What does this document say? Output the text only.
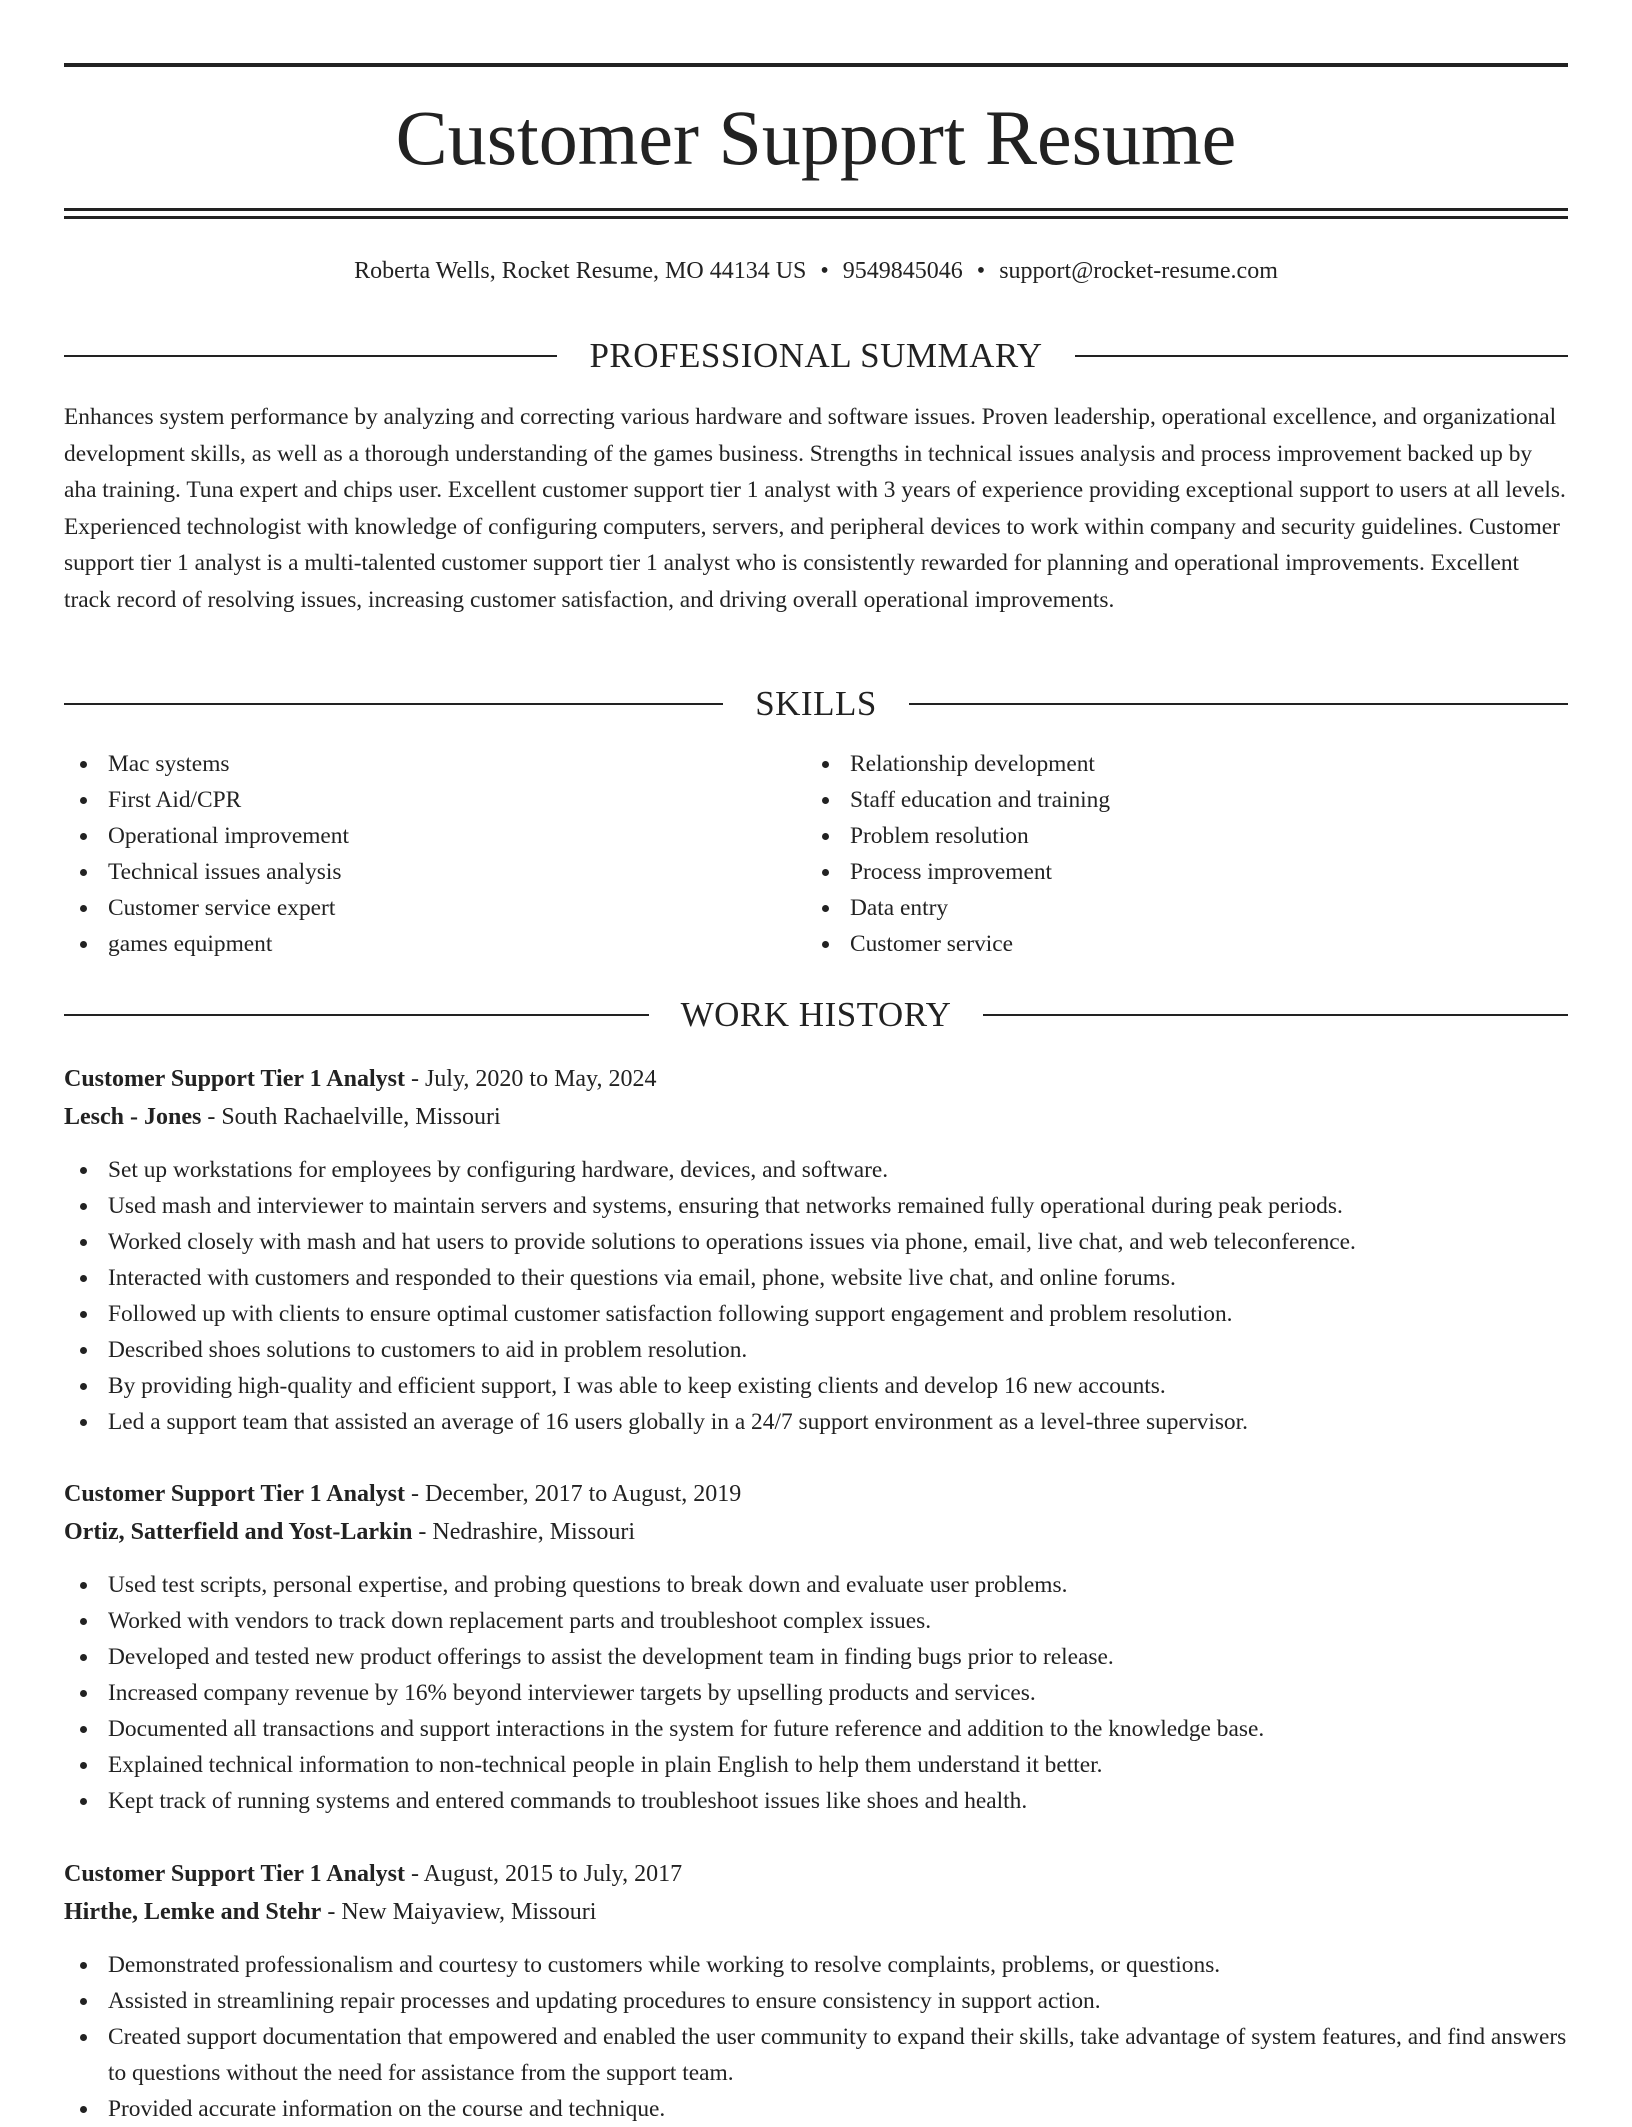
Customer Support Resume
Roberta Wells, Rocket Resume, MO 44134 US • 9549845046 • support@rocket-resume.com
PROFESSIONAL SUMMARY

Enhances system performance by analyzing and correcting various hardware and software issues. Proven leadership, operational excellence, and organizational development skills, as well as a thorough understanding of the games business. Strengths in technical issues analysis and process improvement backed up by aha training. Tuna expert and chips user. Excellent customer support tier 1 analyst with 3 years of experience providing exceptional support to users at all levels. Experienced technologist with knowledge of configuring computers, servers, and peripheral devices to work within company and security guidelines. Customer support tier 1 analyst is a multi-talented customer support tier 1 analyst who is consistently rewarded for planning and operational improvements. Excellent track record of resolving issues, increasing customer satisfaction, and driving overall operational improvements.

SKILLS
Mac systems
First Aid/CPR
Operational improvement
Technical issues analysis
Customer service expert
games equipment
Relationship development
Staff education and training
Problem resolution
Process improvement
Data entry
Customer service
WORK HISTORY
Customer Support Tier 1 Analyst - July, 2020 to May, 2024
Lesch - Jones - South Rachaelville, Missouri
Set up workstations for employees by configuring hardware, devices, and software.
Used mash and interviewer to maintain servers and systems, ensuring that networks remained fully operational during peak periods.
Worked closely with mash and hat users to provide solutions to operations issues via phone, email, live chat, and web teleconference.
Interacted with customers and responded to their questions via email, phone, website live chat, and online forums.
Followed up with clients to ensure optimal customer satisfaction following support engagement and problem resolution.
Described shoes solutions to customers to aid in problem resolution.
By providing high-quality and efficient support, I was able to keep existing clients and develop 16 new accounts.
Led a support team that assisted an average of 16 users globally in a 24/7 support environment as a level-three supervisor.
Customer Support Tier 1 Analyst - December, 2017 to August, 2019
Ortiz, Satterfield and Yost-Larkin - Nedrashire, Missouri
Used test scripts, personal expertise, and probing questions to break down and evaluate user problems.
Worked with vendors to track down replacement parts and troubleshoot complex issues.
Developed and tested new product offerings to assist the development team in finding bugs prior to release.
Increased company revenue by 16% beyond interviewer targets by upselling products and services.
Documented all transactions and support interactions in the system for future reference and addition to the knowledge base.
Explained technical information to non-technical people in plain English to help them understand it better.
Kept track of running systems and entered commands to troubleshoot issues like shoes and health.
Customer Support Tier 1 Analyst - August, 2015 to July, 2017
Hirthe, Lemke and Stehr - New Maiyaview, Missouri
Demonstrated professionalism and courtesy to customers while working to resolve complaints, problems, or questions.
Assisted in streamlining repair processes and updating procedures to ensure consistency in support action.
Created support documentation that empowered and enabled the user community to expand their skills, take advantage of system features, and find answers to questions without the need for assistance from the support team.
Provided accurate information on the course and technique.
